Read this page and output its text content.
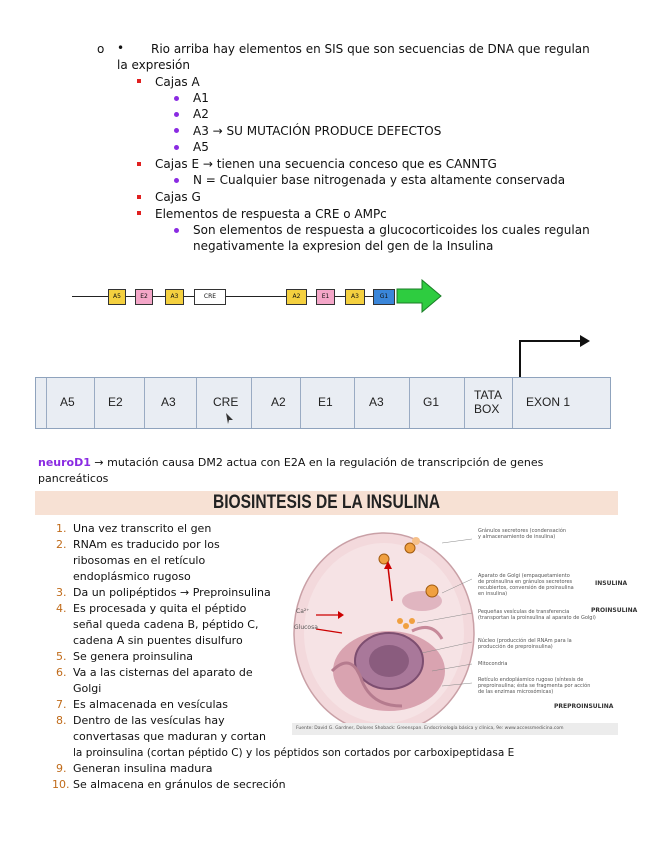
o • Rio arriba hay elementos en SIS que son secuencias de DNA que regulan
la expresión
Cajas A
A1
A2
A3 → SU MUTACIÓN PRODUCE DEFECTOS
A5
Cajas E → tienen una secuencia conceso que es CANNTG
N = Cualquier base nitrogenada y esta altamente conservada
Cajas G
Elementos de respuesta a CRE o AMPc
Son elementos de respuesta a glucocorticoides los cuales regulan
negativamente la expresion del gen de la Insulina
A5	E2	A3	CRE	A2	E1	A3	G1
A5	E2	A3	CRE	A2	E1	A3	G1	TATA
BOX EXON 1
neuroD1 → mutación causa DM2 actua con E2A en la regulación de transcripción de genes
pancreáticos
BIOSINTESIS DE LA INSULINA
1. Una vez transcrito el gen
2. RNAm es traducido por los
ribosomas en el retículo
endoplásmico rugoso
3. Da un polipéptidos → Preproinsulina
4. Es procesada y quita el péptido
señal queda cadena B, péptido C,
cadena A sin puentes disulfuro
5. Se genera proinsulina
6. Va a las cisternas del aparato de
Golgi
7. Es almacenada en vesículas
8. Dentro de las vesículas hay
convertasas que maduran y cortan
la proinsulina (cortan péptido C) y los péptidos son cortados por carboxipeptidasa E
9. Generan insulina madura
10. Se almacena en gránulos de secreción
Gránulos secretores (condensación
y almacenamiento de insulina)
Aparato de Golgi (empaquetamiento
de proinsulina en gránulos secretores
recubiertos, conversión de proinsulina
en insulina)
Pequeñas vesículas de transferencia
(transportan la proinsulina al aparato de Golgi)
Núcleo (producción del RNAm para la
producción de preproinsulina)
Mitocondria
Retículo endoplásmico rugoso (síntesis de
preproinsulina; ésta se fragmenta por acción
de las enzimas microsómicas)
Ca²⁺
Glucosa
Fuente: David G. Gardner, Dolores Shoback: Greenspan. Endocrinología básica y clínica, 9e: www.accessmedicina.com
INSULINA
PROINSULINA
PREPROINSULINA
